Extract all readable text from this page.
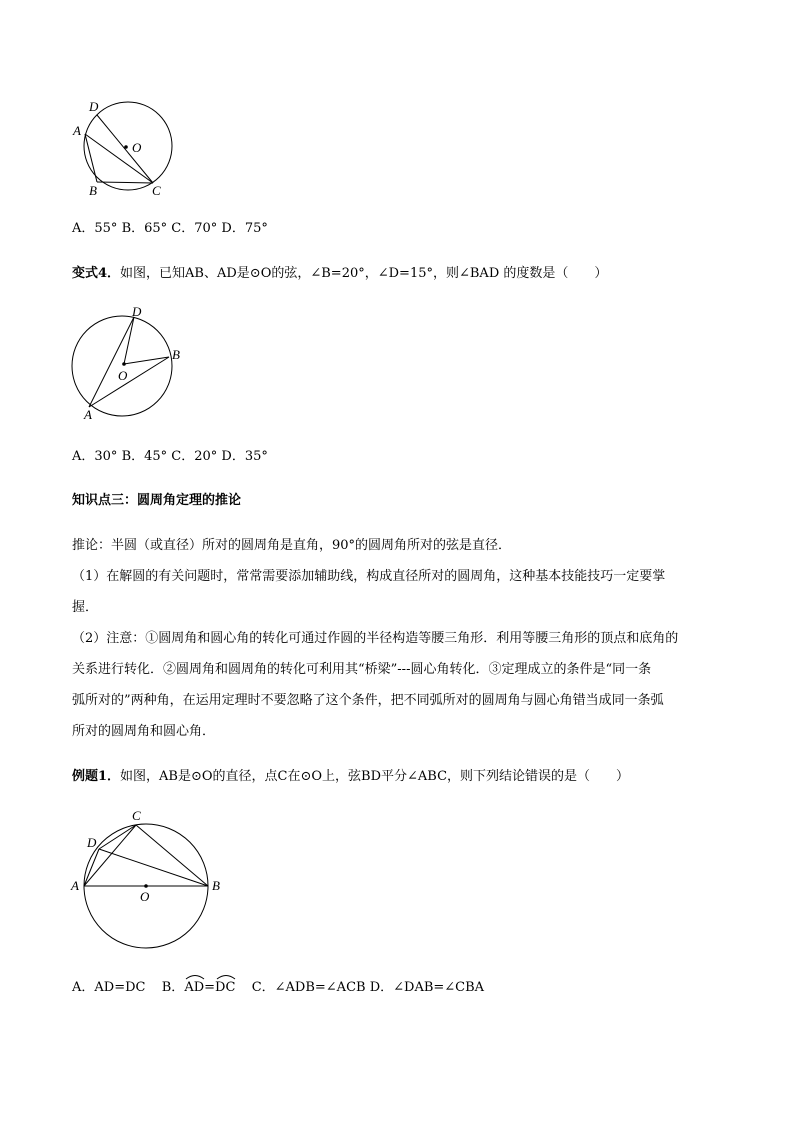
D
A
O
B	C
A．55° B．65° C．70° D．75°
变式4．如图，已知AB、AD是⊙O的弦，∠B=20°，∠D=15°，则∠BAD 的度数是（　　）
D
B
O
A
A．30° B．45° C．20° D．35°
知识点三：圆周角定理的推论
推论：半圆（或直径）所对的圆周角是直角，90°的圆周角所对的弦是直径．
（1）在解圆的有关问题时，常常需要添加辅助线，构成直径所对的圆周角，这种基本技能技巧一定要掌
握．
（2）注意：①圆周角和圆心角的转化可通过作圆的半径构造等腰三角形．利用等腰三角形的顶点和底角的
关系进行转化．②圆周角和圆周角的转化可利用其“桥梁”---圆心角转化．③定理成立的条件是“同一条
弧所对的”两种角，在运用定理时不要忽略了这个条件，把不同弧所对的圆周角与圆心角错当成同一条弧
所对的圆周角和圆心角．
例题1．如图，AB是⊙O的直径，点C在⊙O上，弦BD平分∠ABC，则下列结论错误的是（　　）
C
D
A	B
O
A．AD=DC B．
AD=
DC C．∠ADB=∠ACB D．∠DAB=∠CBA
